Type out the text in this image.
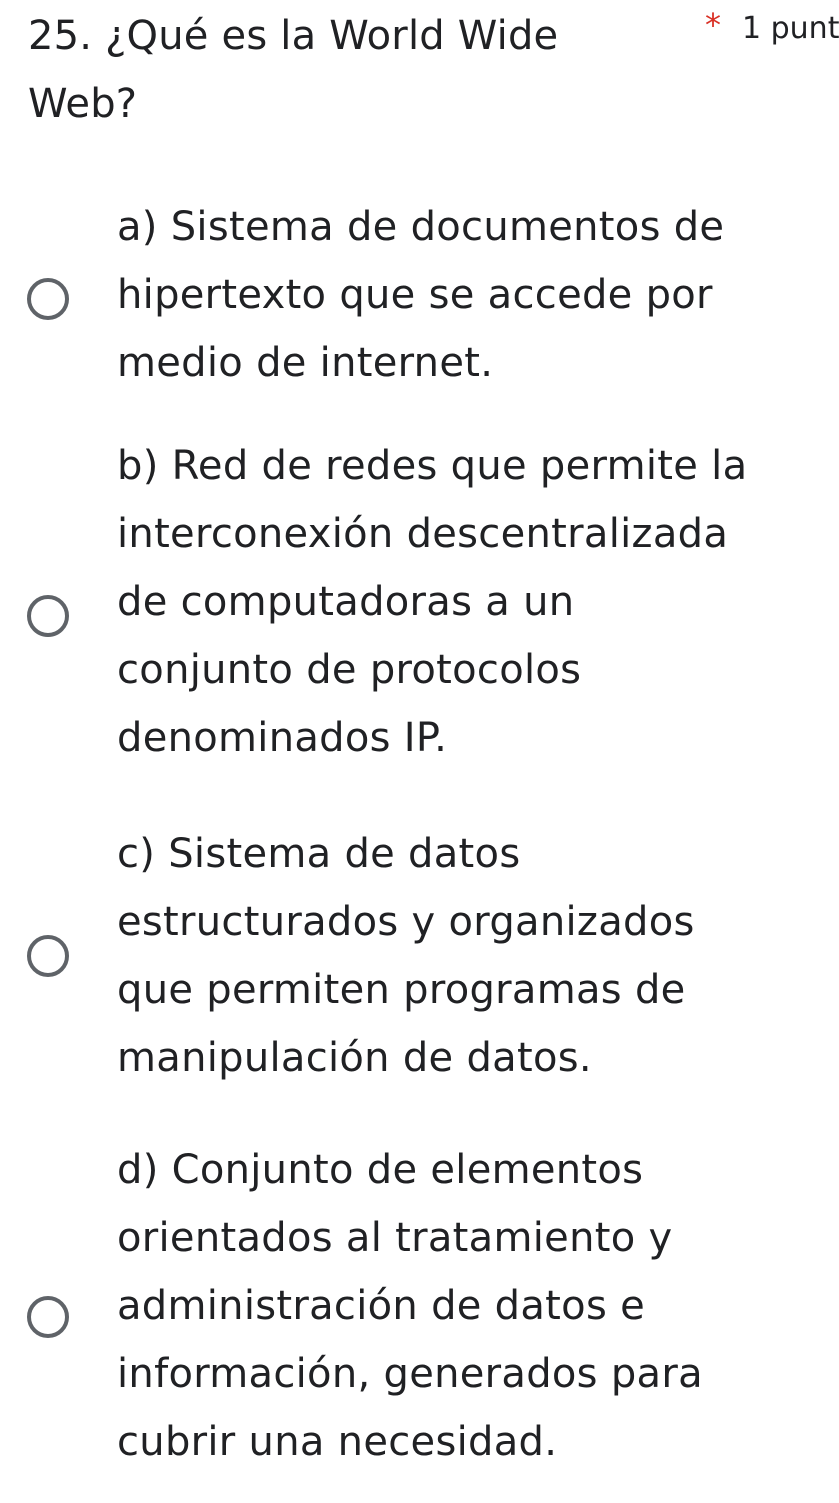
25. ¿Qué es la World Wide Web?
* 1 punt
a) Sistema de documentos de
hipertexto que se accede por
medio de internet.
b) Red de redes que permite la
interconexión descentralizada
de computadoras a un
conjunto de protocolos
denominados IP.
c) Sistema de datos
estructurados y organizados
que permiten programas de
manipulación de datos.
d) Conjunto de elementos
orientados al tratamiento y
administración de datos e
información, generados para
cubrir una necesidad.
